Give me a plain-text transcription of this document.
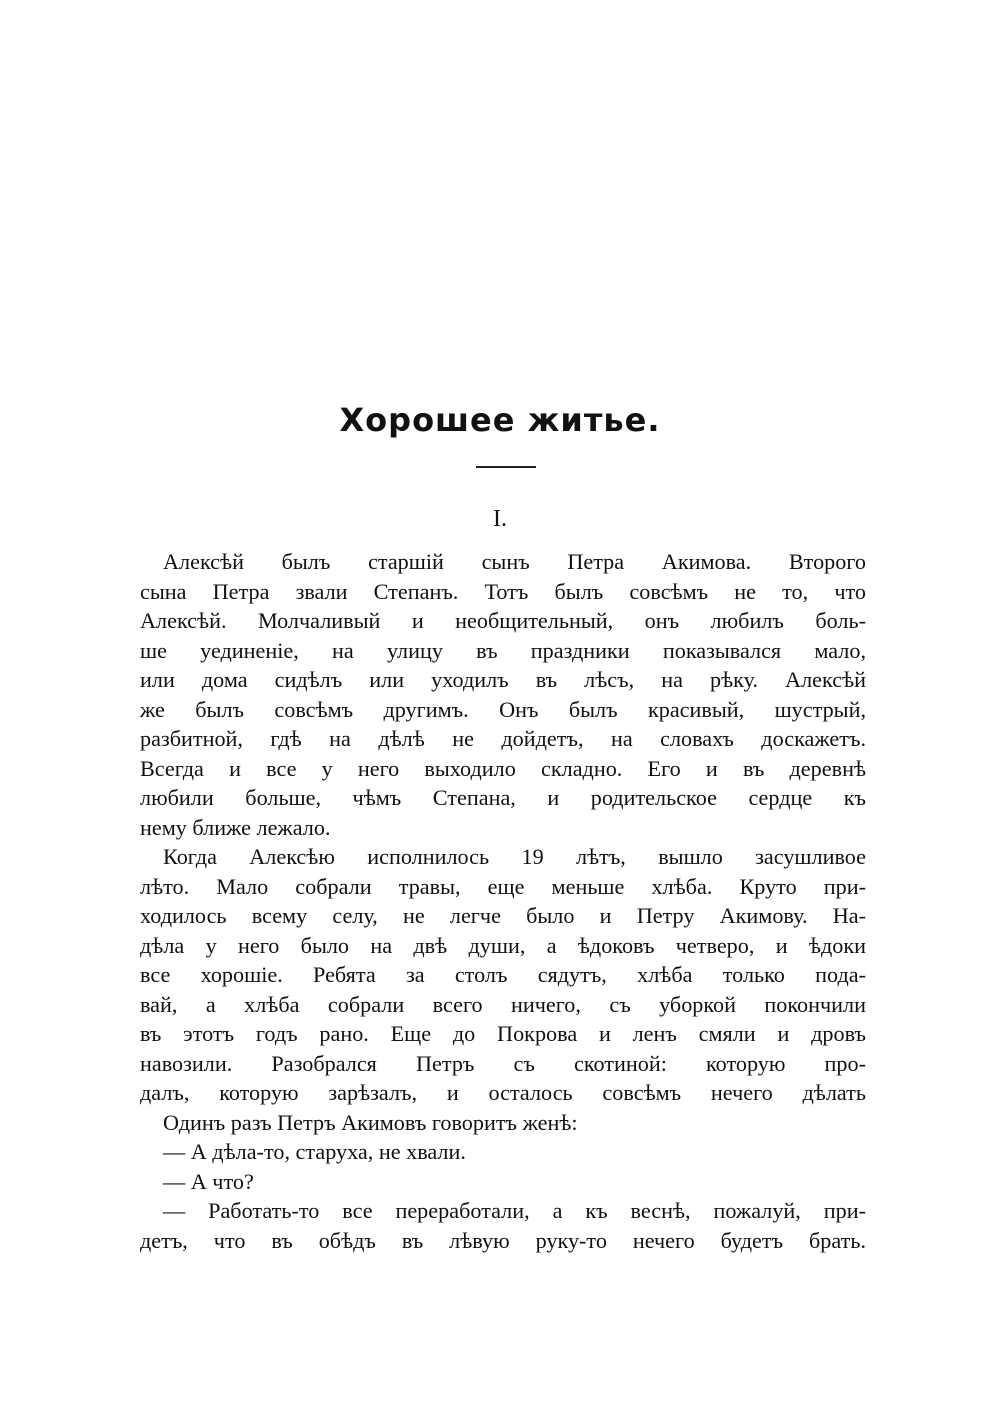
Хорошее житье.
I.
Алексѣй былъ старшій сынъ Петра Акимова. Второго
сына Петра звали Степанъ. Тотъ былъ совсѣмъ не то, что
Алексѣй. Молчаливый и необщительный, онъ любилъ боль-
ше уединеніе, на улицу въ праздники показывался мало,
или дома сидѣлъ или уходилъ въ лѣсъ, на рѣку. Алексѣй
же былъ совсѣмъ другимъ. Онъ былъ красивый, шустрый,
разбитной, гдѣ на дѣлѣ не дойдетъ, на словахъ доскажетъ.
Всегда и все у него выходило складно. Его и въ деревнѣ
любили больше, чѣмъ Степана, и родительское сердце къ
нему ближе лежало.
Когда Алексѣю исполнилось 19 лѣтъ, вышло засушливое
лѣто. Мало собрали травы, еще меньше хлѣба. Круто при-
ходилось всему селу, не легче было и Петру Акимову. На-
дѣла у него было на двѣ души, а ѣдоковъ четверо, и ѣдоки
все хорошіе. Ребята за столъ сядутъ, хлѣба только пода-
вай, а хлѣба собрали всего ничего, съ уборкой покончили
въ этотъ годъ рано. Еще до Покрова и ленъ смяли и дровъ
навозили. Разобрался Петръ съ скотиной: которую про-
далъ, которую зарѣзалъ, и осталось совсѣмъ нечего дѣлать
Одинъ разъ Петръ Акимовъ говоритъ женѣ:
— А дѣла-то, старуха, не хвали.
— А что?
— Работать-то все переработали, а къ веснѣ, пожалуй, при-
детъ, что въ обѣдъ въ лѣвую руку-то нечего будетъ брать.
